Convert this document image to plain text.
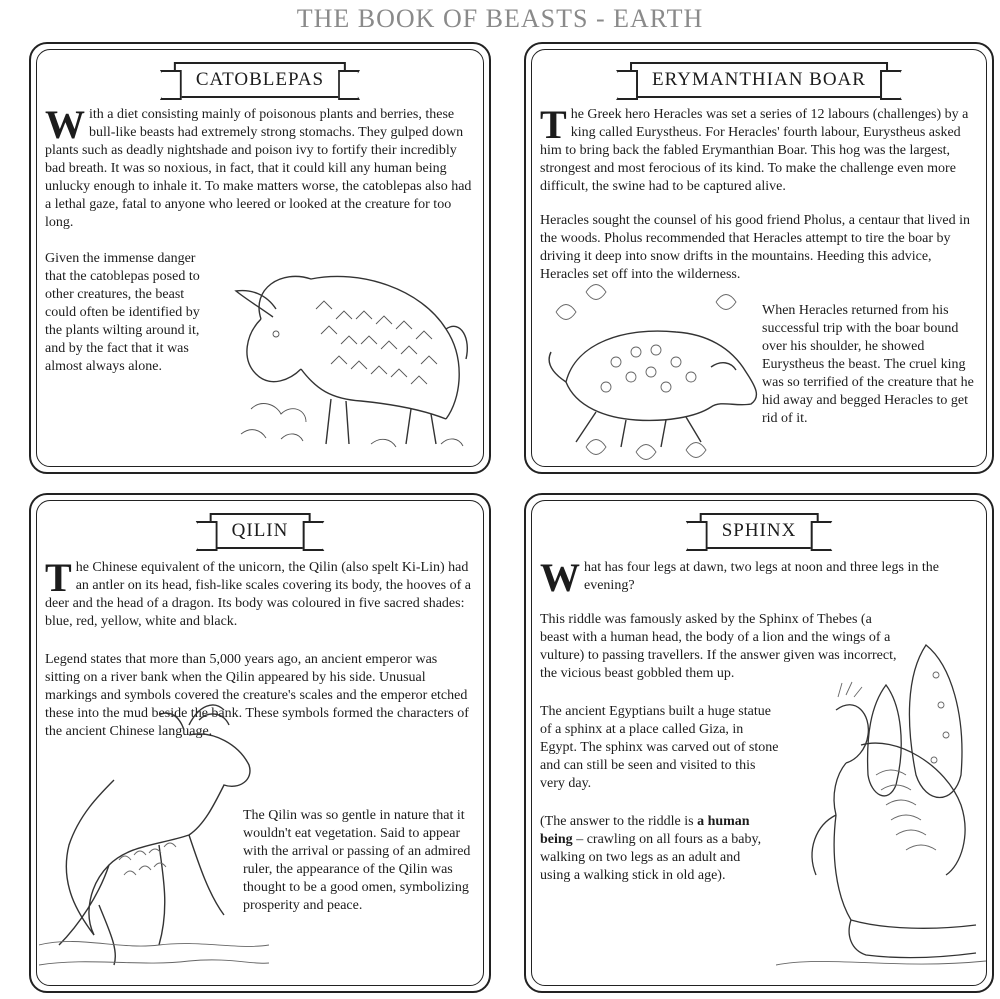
THE BOOK OF BEASTS - EARTH
CATOBLEPAS

With a diet consisting mainly of poisonous plants and berries, these bull-like beasts had extremely strong stomachs. They gulped down plants such as deadly nightshade and poison ivy to fortify their incredibly bad breath. It was so noxious, in fact, that it could kill any human being unlucky enough to inhale it. To make matters worse, the catoblepas also had a lethal gaze, fatal to anyone who leered or looked at the creature for too long.

Given the immense danger that the catoblepas posed to other creatures, the beast could often be identified by the plants wilting around it, and by the fact that it was almost always alone.
ERYMANTHIAN BOAR

The Greek hero Heracles was set a series of 12 labours (challenges) by a king called Eurystheus. For Heracles' fourth labour, Eurystheus asked him to bring back the fabled Erymanthian Boar. This hog was the largest, strongest and most ferocious of its kind. To make the challenge even more difficult, the swine had to be captured alive.

Heracles sought the counsel of his good friend Pholus, a centaur that lived in the woods. Pholus recommended that Heracles attempt to tire the boar by driving it deep into snow drifts in the mountains. Heeding this advice, Heracles set off into the wilderness.

When Heracles returned from his successful trip with the boar bound over his shoulder, he showed Eurystheus the beast. The cruel king was so terrified of the creature that he hid away and begged Heracles to get rid of it.
QILIN

The Chinese equivalent of the unicorn, the Qilin (also spelt Ki-Lin) had an antler on its head, fish-like scales covering its body, the hooves of a deer and the head of a dragon. Its body was coloured in five sacred shades: blue, red, yellow, white and black.

Legend states that more than 5,000 years ago, an ancient emperor was sitting on a river bank when the Qilin appeared by his side. Unusual markings and symbols covered the creature's scales and the emperor etched these into the mud beside the bank. These symbols formed the characters of the ancient Chinese language.
The Qilin was so gentle in nature that it wouldn't eat vegetation. Said to appear with the arrival or passing of an admired ruler, the appearance of the Qilin was thought to be a good omen, symbolizing prosperity and peace.
SPHINX

What has four legs at dawn, two legs at noon and three legs in the evening?

This riddle was famously asked by the Sphinx of Thebes (a beast with a human head, the body of a lion and the wings of a vulture) to passing travellers. If the answer given was incorrect, the vicious beast gobbled them up.

The ancient Egyptians built a huge statue of a sphinx at a place called Giza, in Egypt. The sphinx was carved out of stone and can still be seen and visited to this very day.
(The answer to the riddle is a human being – crawling on all fours as a baby, walking on two legs as an adult and using a walking stick in old age).
